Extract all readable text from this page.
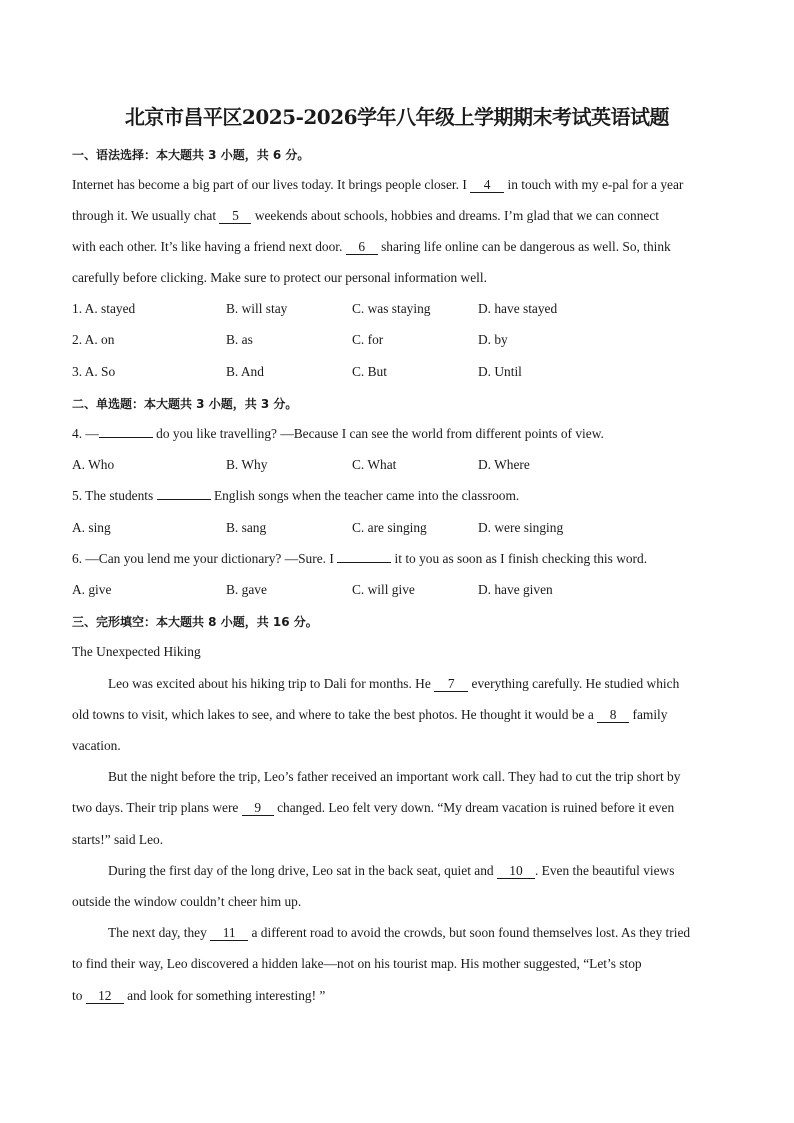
北京市昌平区2025-2026学年八年级上学期期末考试英语试题
一、语法选择：本大题共 3 小题，共 6 分。
Internet has become a big part of our lives today. It brings people closer. I 4 in touch with my e-pal for a year
through it. We usually chat 5 weekends about schools, hobbies and dreams. I’m glad that we can connect
with each other. It’s like having a friend next door. 6 sharing life online can be dangerous as well. So, think
carefully before clicking. Make sure to protect our personal information well.
1. A. stayed	B. will stay	C. was staying	D. have stayed
2. A. on	B. as	C. for	D. by
3. A. So	B. And	C. But	D. Until
二、单选题：本大题共 3 小题，共 3 分。
4. —	do you like travelling? —Because I can see the world from different points of view.
A. Who	B. Why	C. What	D. Where
5. The students	English songs when the teacher came into the classroom.
A. sing	B. sang	C. are singing	D. were singing
6. —Can you lend me your dictionary? —Sure. I	it to you as soon as I finish checking this word.
A. give	B. gave	C. will give	D. have given
三、完形填空：本大题共 8 小题，共 16 分。
The Unexpected Hiking
Leo was excited about his hiking trip to Dali for months. He 7 everything carefully. He studied which
old towns to visit, which lakes to see, and where to take the best photos. He thought it would be a 8 family
vacation.
But the night before the trip, Leo’s father received an important work call. They had to cut the trip short by
two days. Their trip plans were 9 changed. Leo felt very down. “My dream vacation is ruined before it even
starts!” said Leo.
During the first day of the long drive, Leo sat in the back seat, quiet and 10 . Even the beautiful views
outside the window couldn’t cheer him up.
The next day, they 11 a different road to avoid the crowds, but soon found themselves lost. As they tried
to find their way, Leo discovered a hidden lake—not on his tourist map. His mother suggested, “Let’s stop
to 12 and look for something interesting! ”
